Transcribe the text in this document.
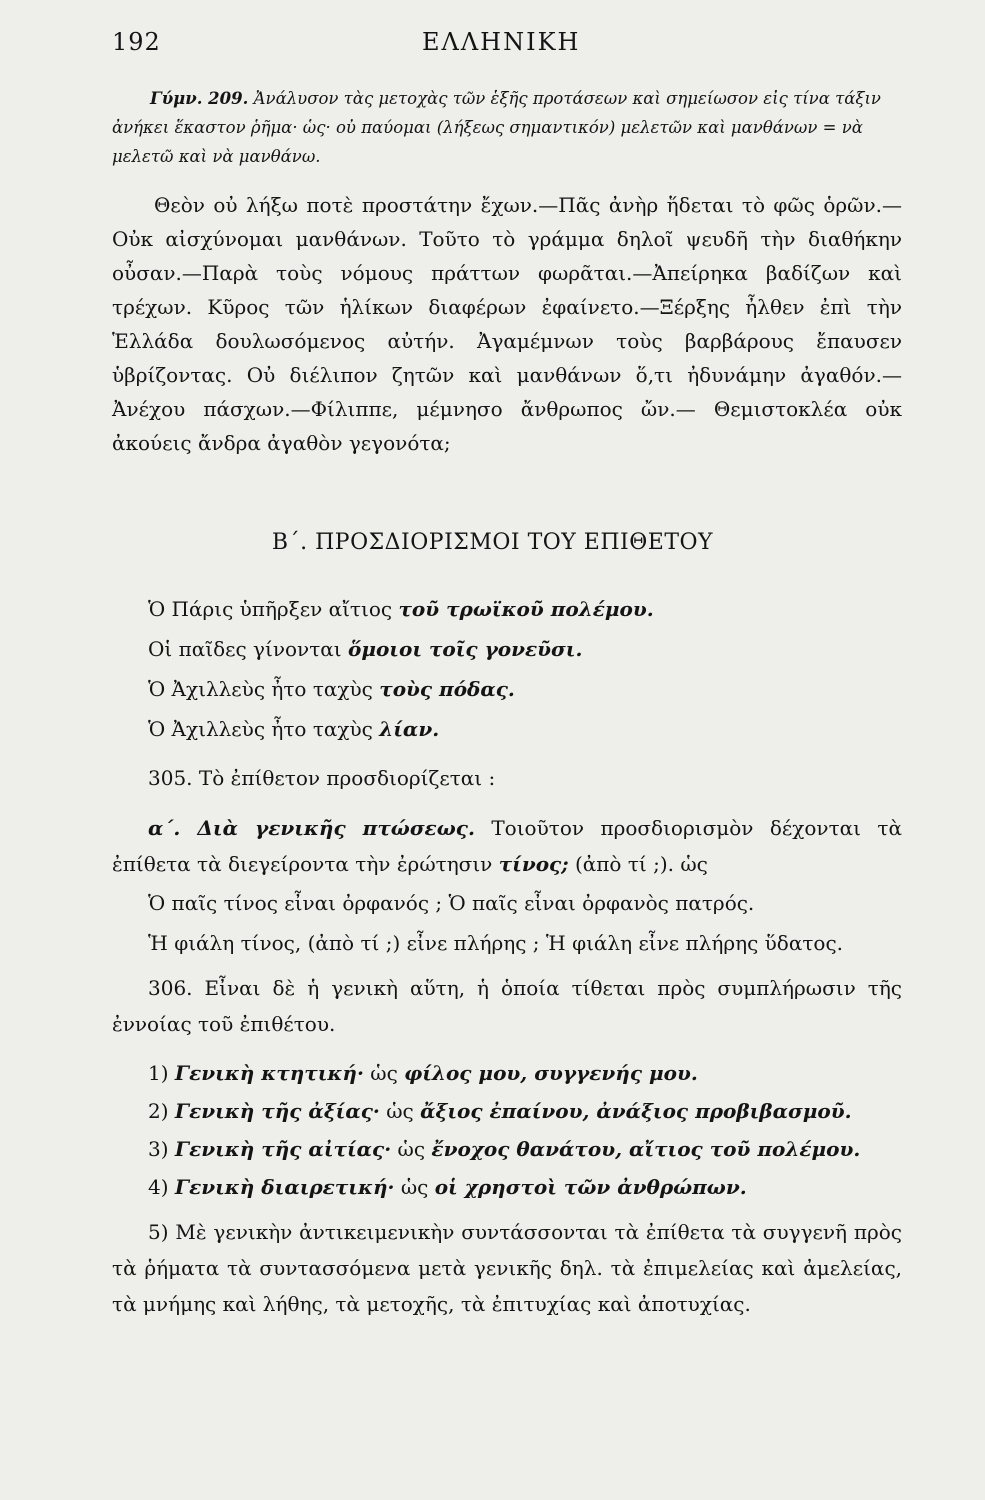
192	ΕΛΛΗΝΙΚΗ

Γύμν. 209. Ἀνάλυσον τὰς μετοχὰς τῶν ἑξῆς προτάσεων καὶ σημείωσον εἰς τίνα τάξιν ἀνήκει ἕκαστον ῥῆμα· ὡς· οὐ παύομαι (λήξεως σημαντικόν) μελετῶν καὶ μανθάνων = νὰ μελετῶ καὶ νὰ μανθάνω.

Θεὸν οὐ λήξω ποτὲ προστάτην ἔχων.—Πᾶς ἀνὴρ ἥδεται τὸ φῶς ὁρῶν.—Οὐκ αἰσχύνομαι μανθάνων. Τοῦτο τὸ γράμμα δηλοῖ ψευδῆ τὴν διαθήκην οὖσαν.—Παρὰ τοὺς νόμους πράττων φωρᾶται.—Ἀπείρηκα βαδίζων καὶ τρέχων. Κῦρος τῶν ἡλίκων διαφέρων ἐφαίνετο.—Ξέρξης ἦλθεν ἐπὶ τὴν Ἑλλάδα δουλωσόμενος αὐτήν. Ἀγαμέμνων τοὺς βαρβάρους ἔπαυσεν ὑβρίζοντας. Οὐ διέλιπον ζητῶν καὶ μανθάνων ὅ,τι ἠδυνάμην ἀγαθόν.—Ἀνέχου πάσχων.—Φίλιππε, μέμνησο ἄνθρωπος ὤν.— Θεμιστοκλέα οὐκ ἀκούεις ἄνδρα ἀγαθὸν γεγονότα;
Β΄. ΠΡΟΣΔΙΟΡΙΣΜΟΙ ΤΟΥ ΕΠΙΘΕΤΟΥ
Ὁ Πάρις ὑπῆρξεν αἴτιος τοῦ τρωϊκοῦ πολέμου.
Οἱ παῖδες γίνονται ὅμοιοι τοῖς γονεῦσι.
Ὁ Ἀχιλλεὺς ἦτο ταχὺς τοὺς πόδας.
Ὁ Ἀχιλλεὺς ἦτο ταχὺς λίαν.
305. Τὸ ἐπίθετον προσδιορίζεται :
α΄. Διὰ γενικῆς πτώσεως. Τοιοῦτον προσδιορισμὸν δέχονται τὰ ἐπίθετα τὰ διεγείροντα τὴν ἐρώτησιν τίνος; (ἀπὸ τί ;). ὡς
Ὁ παῖς τίνος εἶναι ὀρφανός ; Ὁ παῖς εἶναι ὀρφανὸς πατρός.
Ἡ φιάλη τίνος, (ἀπὸ τί ;) εἶνε πλήρης ; Ἡ φιάλη εἶνε πλήρης ὕδατος.
306. Εἶναι δὲ ἡ γενικὴ αὕτη, ἡ ὁποία τίθεται πρὸς συμπλήρωσιν τῆς ἐννοίας τοῦ ἐπιθέτου.
1) Γενικὴ κτητική· ὡς φίλος μου, συγγενής μου.
2) Γενικὴ τῆς ἀξίας· ὡς ἄξιος ἐπαίνου, ἀνάξιος προβιβασμοῦ.
3) Γενικὴ τῆς αἰτίας· ὡς ἔνοχος θανάτου, αἴτιος τοῦ πολέμου.
4) Γενικὴ διαιρετική· ὡς οἱ χρηστοὶ τῶν ἀνθρώπων.
5) Μὲ γενικὴν ἀντικειμενικὴν συντάσσονται τὰ ἐπίθετα τὰ συγγενῆ πρὸς τὰ ῥήματα τὰ συντασσόμενα μετὰ γενικῆς δηλ. τὰ ἐπιμελείας καὶ ἀμελείας, τὰ μνήμης καὶ λήθης, τὰ μετοχῆς, τὰ ἐπιτυχίας καὶ ἀποτυχίας.
